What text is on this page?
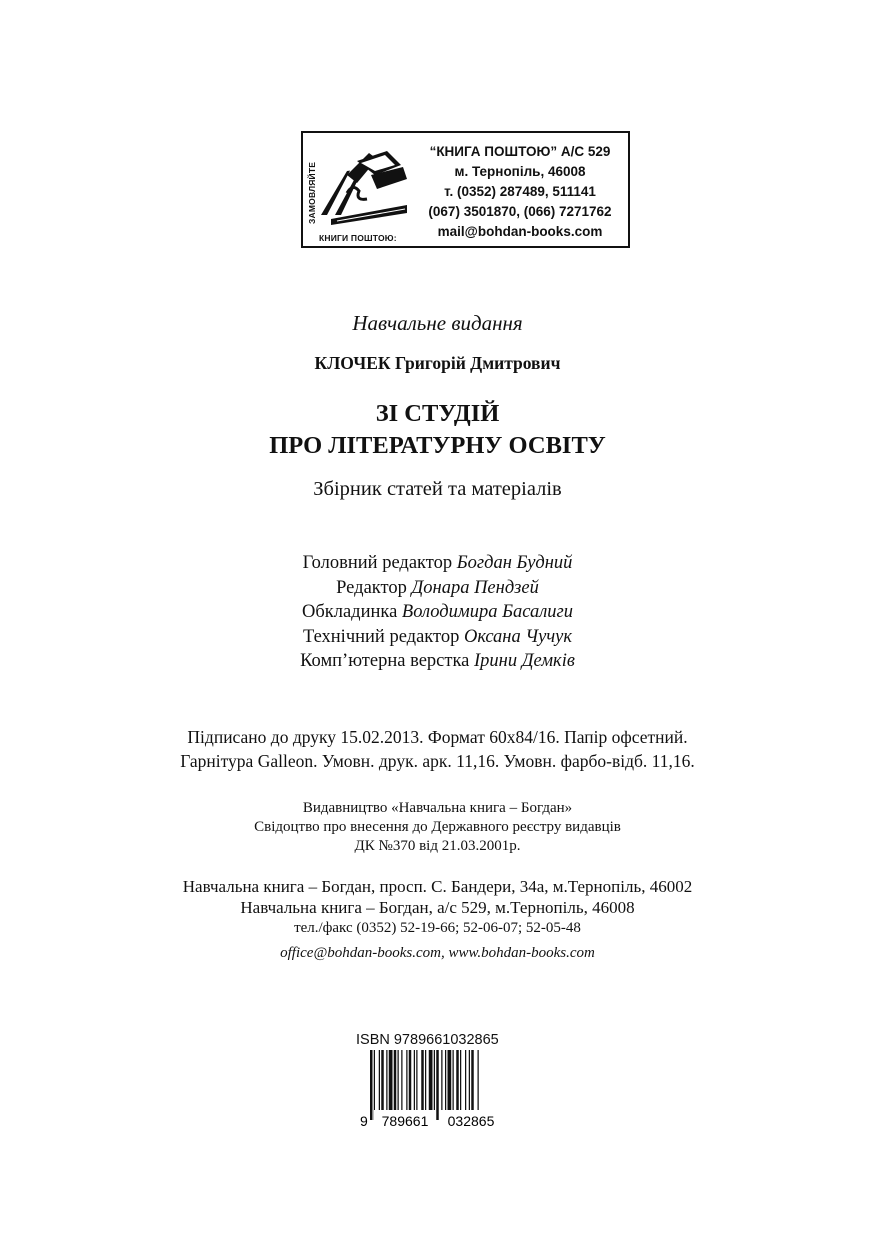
ЗАМОВЛЯЙТЕ
КНИГИ ПОШТОЮ:
“КНИГА ПОШТОЮ” А/С 529
м. Тернопіль, 46008
т. (0352) 287489, 511141
(067) 3501870, (066) 7271762
mail@bohdan-books.com
Навчальне видання
КЛОЧЕК Григорій Дмитрович
ЗІ СТУДІЙ
ПРО ЛІТЕРАТУРНУ ОСВІТУ
Збірник статей та матеріалів
Головний редактор Богдан Будний
Редактор Донара Пендзей
Обкладинка Володимира Басалиги
Технічний редактор Оксана Чучук
Комп’ютерна верстка Ірини Демків
Підписано до друку 15.02.2013. Формат 60х84/16. Папір офсетний.
Гарнітура Galleon. Умовн. друк. арк. 11,16. Умовн. фарбо-відб. 11,16.
Видавництво «Навчальна книга – Богдан»
Свідоцтво про внесення до Державного реєстру видавців
ДК №370 від 21.03.2001р.
Навчальна книга – Богдан, просп. С. Бандери, 34а, м.Тернопіль, 46002
Навчальна книга – Богдан, а/с 529, м.Тернопіль, 46008
тел./факс (0352) 52-19-66; 52-06-07; 52-05-48
office@bohdan-books.com, www.bohdan-books.com
ISBN 9789661032865
9 789661 032865
